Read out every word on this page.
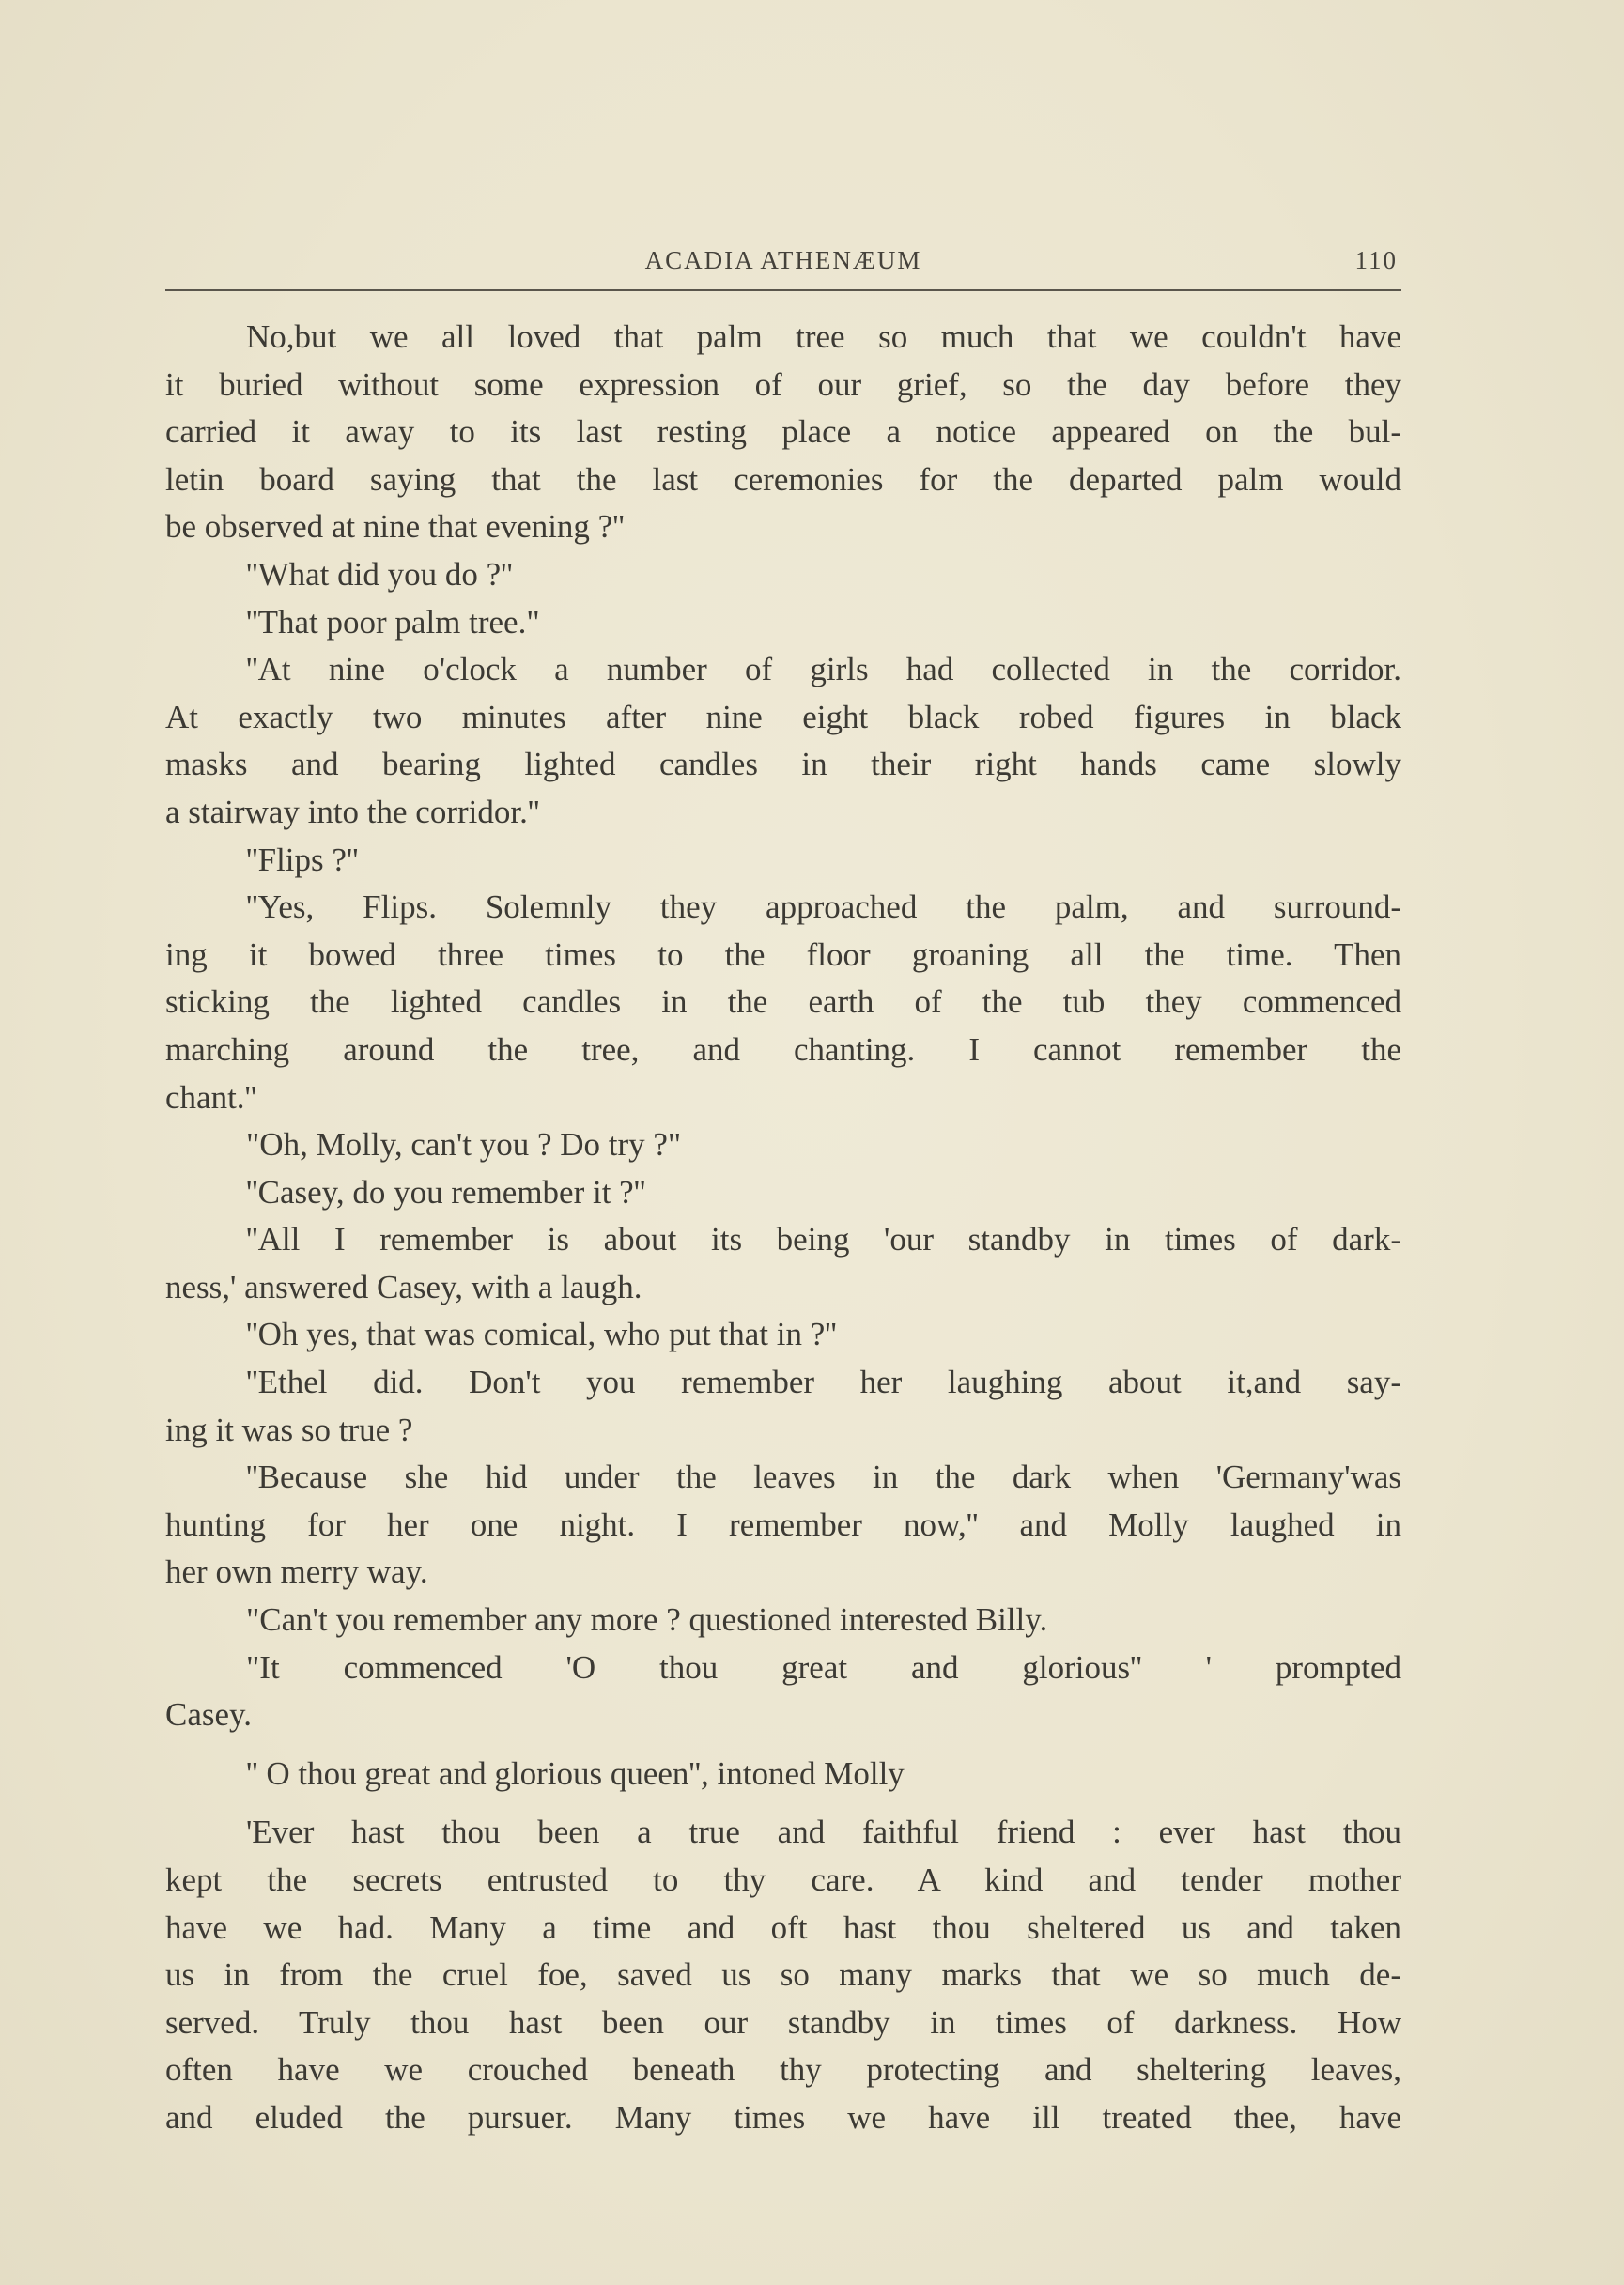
ACADIA ATHENÆUM	110
No,but we all loved that palm tree so much that we couldn't have
it buried without some expression of our grief, so the day before they
carried it away to its last resting place a notice appeared on the bul-
letin board saying that the last ceremonies for the departed palm would
be observed at nine that evening ?''
''What did you do ?''
''That poor palm tree."
''At nine o'clock a number of girls had collected in the corridor.
At exactly two minutes after nine eight black robed figures in black
masks and bearing lighted candles in their right hands came slowly
a stairway into the corridor.''
''Flips ?''
''Yes, Flips. Solemnly they approached the palm, and surround-
ing it bowed three times to the floor groaning all the time. Then
sticking the lighted candles in the earth of the tub they commenced
marching around the tree, and chanting. I cannot remember the
chant.''
"Oh, Molly, can't you ? Do try ?"
''Casey, do you remember it ?''
''All I remember is about its being 'our standby in times of dark-
ness,' answered Casey, with a laugh.
''Oh yes, that was comical, who put that in ?''
''Ethel did. Don't you remember her laughing about it,and say-
ing it was so true ?
''Because she hid under the leaves in the dark when 'Germany'was
hunting for her one night. I remember now,'' and Molly laughed in
her own merry way.
"Can't you remember any more ? questioned interested Billy.
"It commenced 'O thou great and glorious'' ' prompted
Casey.
'' O thou great and glorious queen'', intoned Molly
'Ever hast thou been a true and faithful friend : ever hast thou
kept the secrets entrusted to thy care. A kind and tender mother
have we had. Many a time and oft hast thou sheltered us and taken
us in from the cruel foe, saved us so many marks that we so much de-
served. Truly thou hast been our standby in times of darkness. How
often have we crouched beneath thy protecting and sheltering leaves,
and eluded the pursuer. Many times we have ill treated thee, have
